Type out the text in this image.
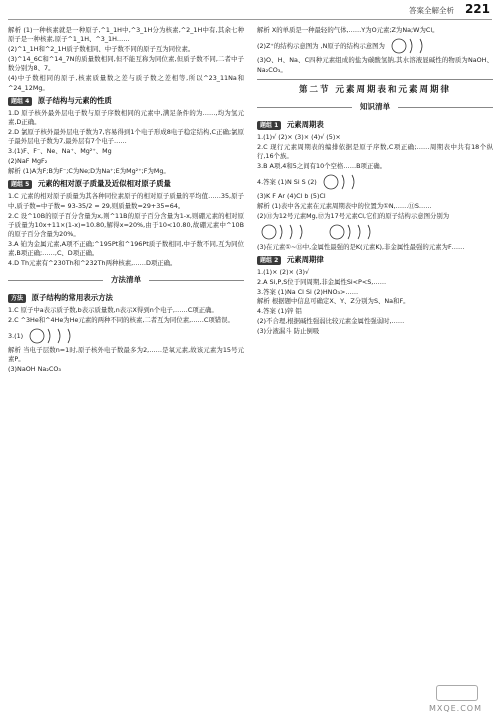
答案全解全析 221

解析 (1)一种核素就是一种原子,^1_1H中,^3_1H分为核素,^2_1H中有,其余七种原子是一种核素,原子^1_1H、^3_1H……

(2)^1_1H和^2_1H质子数相同、中子数不同的原子互为同位素。

(3)^14_6C和^14_7N的质量数相同,但不能互称为同位素,但质子数不同,二者中子数分别为8、7。

(4)中子数相同的原子,核素质量数之差与质子数之差相等,所以^23_11Na和^24_12Mg。

题组 4 原子结构与元素的性质

1.D 原子核外最外层电子数与原子序数相同的元素中,满足条件的为……,均为氢元素,D正确。

2.D 氯原子核外最外层电子数为7,容易得到1个电子形成8电子稳定结构,C正确;氯原子最外层电子数为7,最外层有7个电子……

3.(1)F、F⁻、Ne、Na⁺、Mg²⁺、Mg

(2)NaF MgF₂

解析 (1)A为F;B为F⁻;C为Ne;D为Na⁺;E为Mg²⁺;F为Mg。

题组 5 元素的相对原子质量及近似相对原子质量

1.C 元素的相对原子质量为其各种同位素原子的相对原子质量的平均值……35,原子中,质子数=中子数= 93-35/2 = 29,则质量数=29+35=64。

2.C 设^10B的原子百分含量为x,则^11B的原子百分含量为1-x,则硼元素的相对原子质量为10x+11×(1-x)=10.80,解得x=20%,由于10<10.80,故硼元素中^10B的原子百分含量为20%。

3.A 铂为金属元素,A项不正确;^195Pt和^196Pt质子数相同,中子数不同,互为同位素,B项正确;……,C、D项正确。

4.D Th元素有^230Th和^232Th两种核素,……D项正确。

方法清单
方法 原子结构的常用表示方法

1.C 原子中a表示质子数,b表示质量数,n表示X得到n个电子,……C项正确。

2.C ^3He和^4He为He元素的两种不同的核素,二者互为同位素,……C项错误。

3.(1)

解析 当电子层数n=1时,原子核外电子数最多为2,……是氧元素,故该元素为15号元素P。

(3)NaOH Na₂CO₃

解析 X的单质是一种最轻的气体,……Y为O元素;Z为Na;W为Cl。

(2)Z⁺的结构示意图为 ,N原子的结构示意图为

(3)O、H、Na、C四种元素组成的盐为碳酸氢钠,其水溶液显碱性的物质为NaOH、Na₂CO₃。

第二节 元素周期表和元素周期律
知识清单
题组 1 元素周期表

1.(1)√ (2)× (3)× (4)√ (5)×

2.C 现行元素周期表的编排依据是原子序数,C项正确;……周期表中共有18个纵行,16个族。

3.B A项,4和5之间有10个空格……B项正确。

4.答案 (1)N Si S (2)

(3)K F Ar (4)Cl b (5)Cl

解析 (1)表中各元素在元素周期表中的位置为①N,……⑪S……

(2)⑪为12号元素Mg,⑰为17号元素Cl,它们的原子结构示意图分别为

(3)在元素①~⑬中,金属性最强的是K(元素K),非金属性最强的元素为F……

题组 2 元素周期律

1.(1)× (2)× (3)√

2.A Si,P,S位于同周期,非金属性Si<P<S,……

3.答案 (1)Na Cl Si (2)HNO₃>……

解析 根据题中信息可确定X、Y、Z分别为S、Na和F。

4.答案 (1)锌 铝

(2)不合理,根据碱性强弱比较元素金属性强弱时,……

(3)分液漏斗 防止倒吸

MXQE.COM
